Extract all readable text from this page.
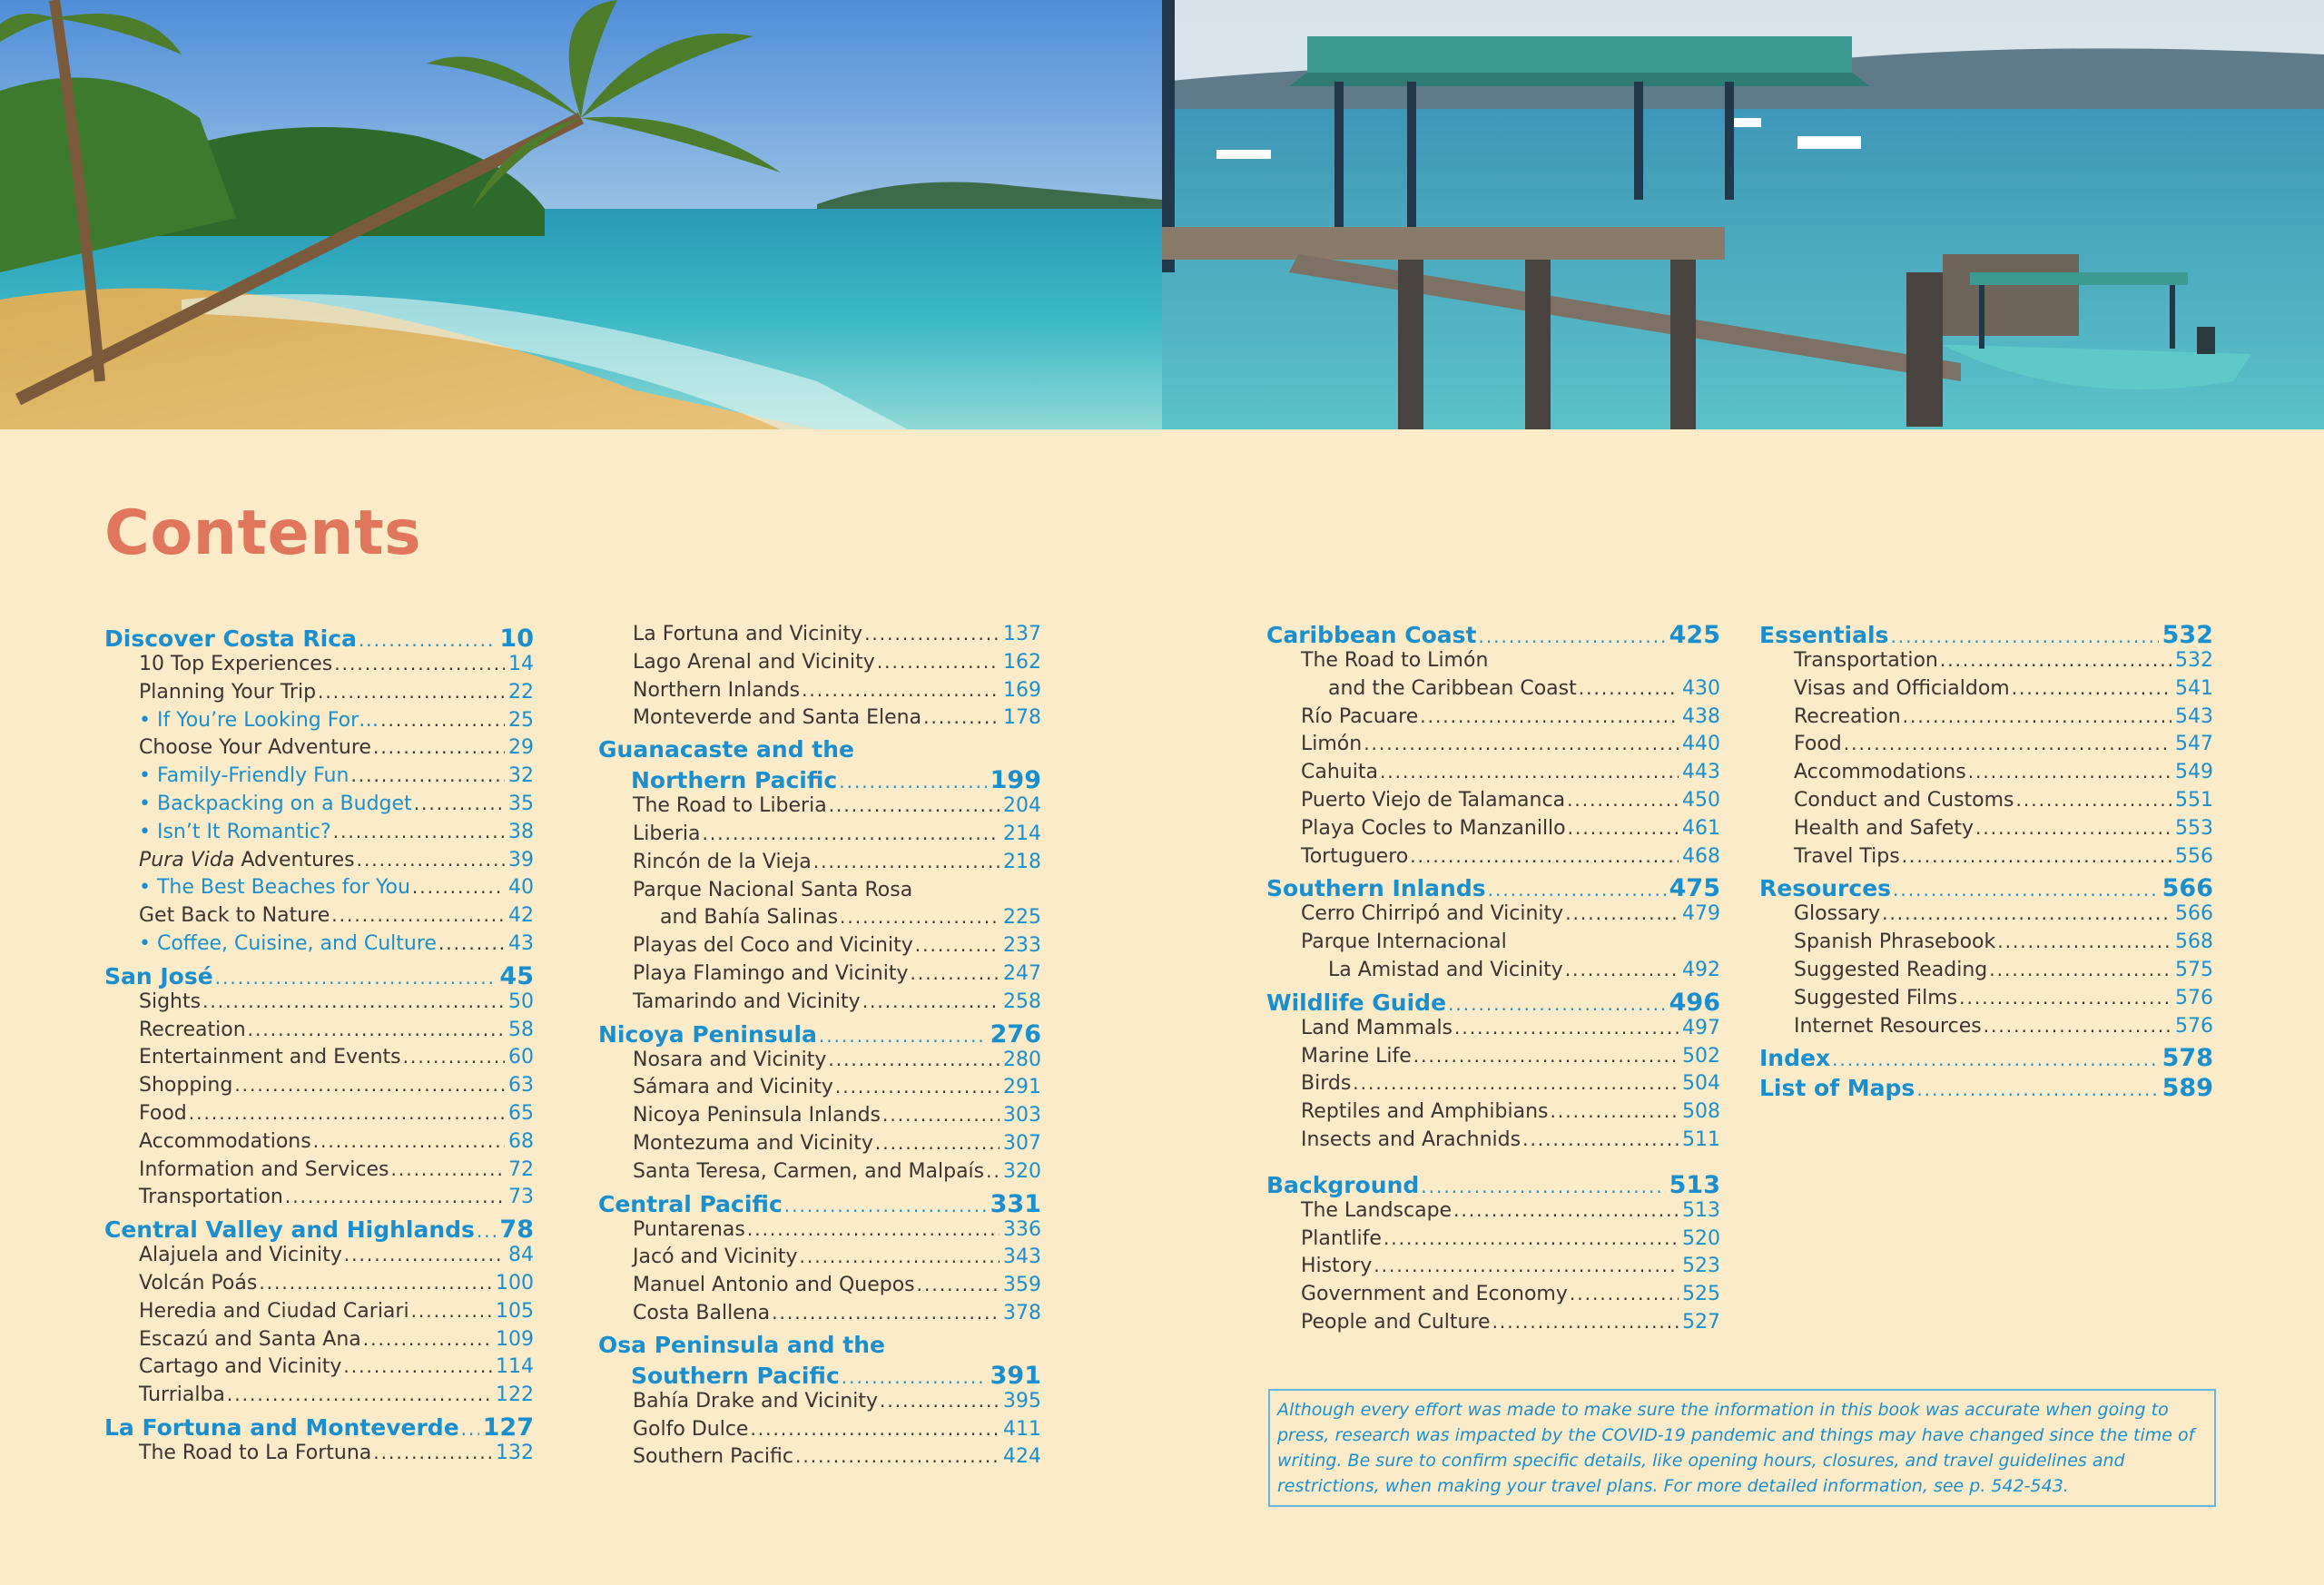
Contents
Discover Costa Rica .....	10
10 Top Experiences .....	14
Planning Your Trip .....	22
• If You’re Looking For… .....	25
Choose Your Adventure .....	29
• Family-Friendly Fun .....	32
• Backpacking on a Budget .....	35
• Isn’t It Romantic? .....	38
Pura Vida Adventures .....	39
• The Best Beaches for You .....	40
Get Back to Nature .....	42
• Coffee, Cuisine, and Culture .....	43
San José .....	45
Sights .....	50
Recreation .....	58
Entertainment and Events .....	60
Shopping .....	63
Food .....	65
Accommodations .....	68
Information and Services .....	72
Transportation .....	73
Central Valley and Highlands ..... 78
Alajuela and Vicinity .....	84
Volcán Poás .....	100
Heredia and Ciudad Cariari .....	105
Escazú and Santa Ana .....	109
Cartago and Vicinity .....	114
Turrialba .....	122
La Fortuna and Monteverde ..... 127
The Road to La Fortuna .....	132
La Fortuna and Vicinity .....	137
Lago Arenal and Vicinity .....	162
Northern Inlands .....	169
Monteverde and Santa Elena .....	178
Guanacaste and the
Northern Pacific .....	199
The Road to Liberia .....	204
Liberia .....	214
Rincón de la Vieja .....	218
Parque Nacional Santa Rosa
and Bahía Salinas .....	225
Playas del Coco and Vicinity .....	233
Playa Flamingo and Vicinity .....	247
Tamarindo and Vicinity .....	258
Nicoya Peninsula .....	276
Nosara and Vicinity .....	280
Sámara and Vicinity .....	291
Nicoya Peninsula Inlands .....	303
Montezuma and Vicinity .....	307
Santa Teresa, Carmen, and Malpaís ..... 320
Central Pacific .....	331
Puntarenas .....	336
Jacó and Vicinity .....	343
Manuel Antonio and Quepos .....	359
Costa Ballena .....	378
Osa Peninsula and the
Southern Pacific .....	391
Bahía Drake and Vicinity .....	395
Golfo Dulce .....	411
Southern Pacific .....	424
Caribbean Coast .....	425
The Road to Limón
and the Caribbean Coast .....	430
Río Pacuare .....	438
Limón .....	440
Cahuita .....	443
Puerto Viejo de Talamanca .....	450
Playa Cocles to Manzanillo .....	461
Tortuguero .....	468
Southern Inlands .....	475
Cerro Chirripó and Vicinity .....	479
Parque Internacional
La Amistad and Vicinity .....	492
Wildlife Guide .....	496
Land Mammals .....	497
Marine Life .....	502
Birds .....	504
Reptiles and Amphibians .....	508
Insects and Arachnids .....	511
Background .....	513
The Landscape .....	513
Plantlife .....	520
History .....	523
Government and Economy .....	525
People and Culture .....	527
Essentials .....	532
Transportation .....	532
Visas and Officialdom .....	541
Recreation .....	543
Food .....	547
Accommodations .....	549
Conduct and Customs .....	551
Health and Safety .....	553
Travel Tips .....	556
Resources .....	566
Glossary .....	566
Spanish Phrasebook .....	568
Suggested Reading .....	575
Suggested Films .....	576
Internet Resources .....	576
Index .....	578
List of Maps .....	589
Although every effort was made to make sure the information in this book was accurate when going to press, research was impacted by the COVID-19 pandemic and things may have changed since the time of writing. Be sure to confirm specific details, like opening hours, closures, and travel guidelines and restrictions, when making your travel plans. For more detailed information, see p. 542-543.
